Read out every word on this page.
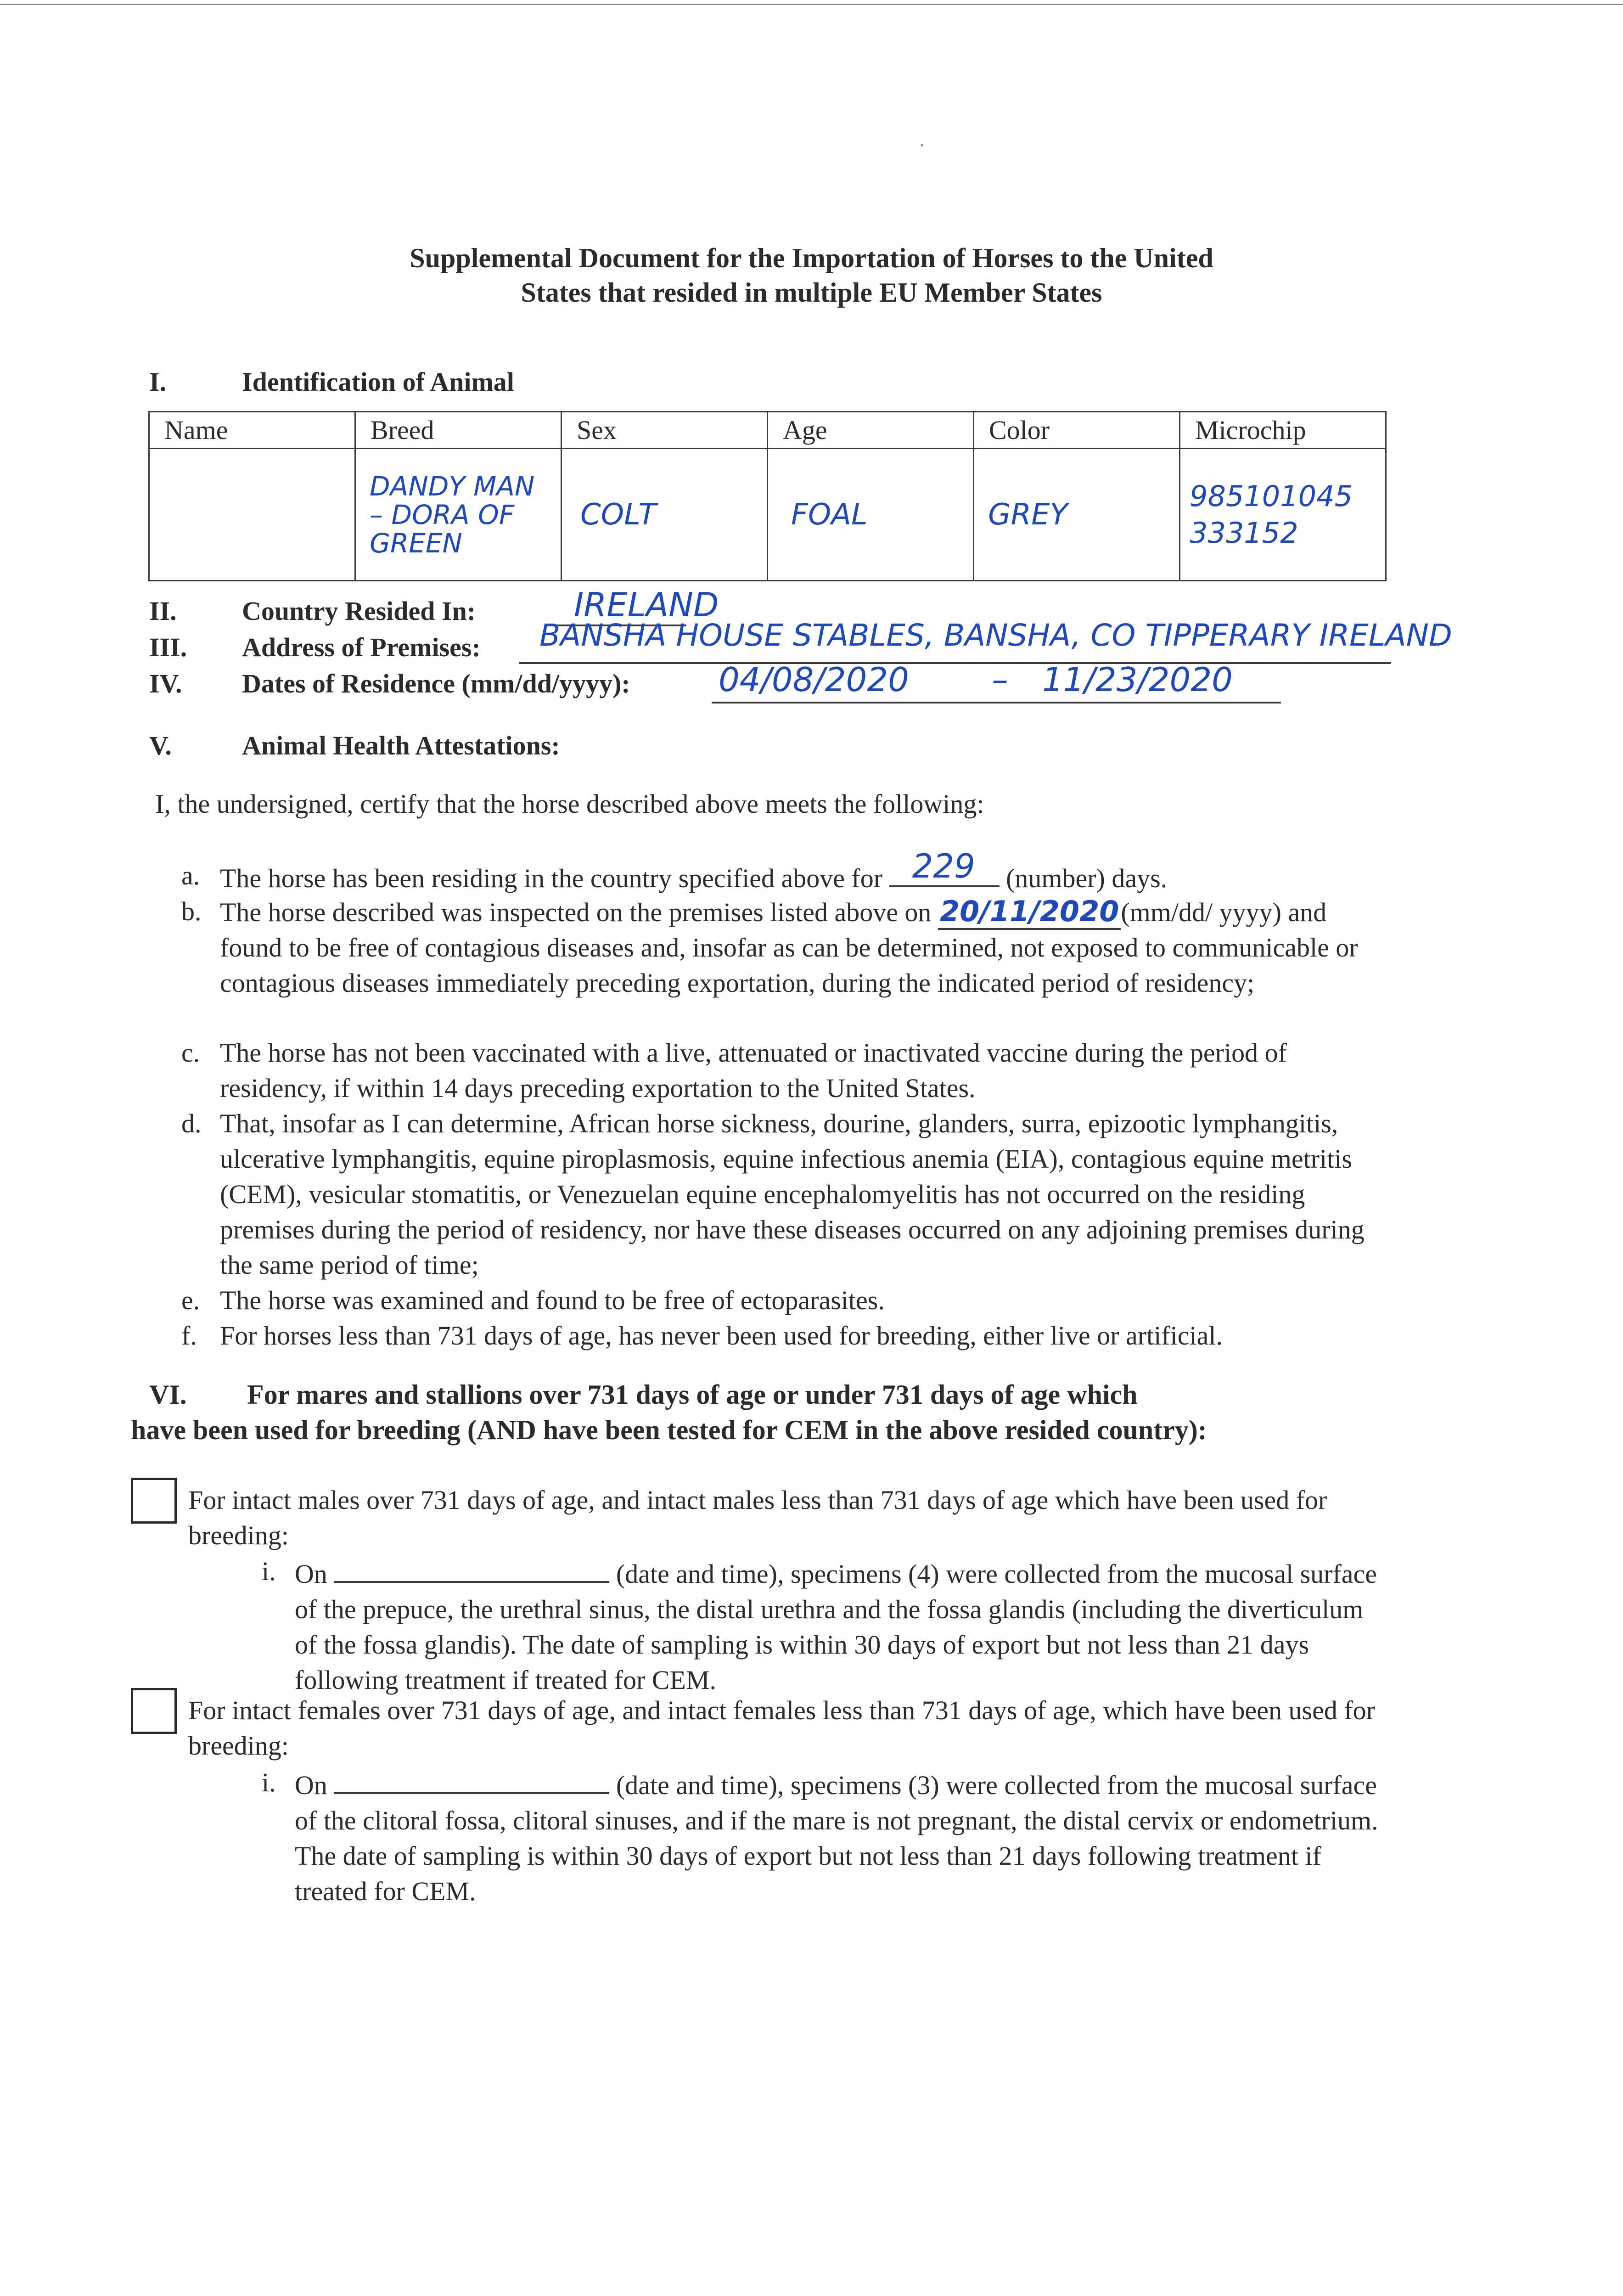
Supplemental Document for the Importation of Horses to the United
States that resided in multiple EU Member States
I.	Identification of Animal
Name	Breed	Sex	Age	Color	Microchip
	DANDY MAN – DORA OF GREEN	COLT	FOAL	GREY	985101045 333152
II. Country Resided In:	IRELAND
III. Address of Premises: BANSHA HOUSE STABLES, BANSHA, CO TIPPERARY IRELAND
IV. Dates of Residence (mm/dd/yyyy):	04/08/2020	– 11/23/2020
V.	Animal Health Attestations:
I, the undersigned, certify that the horse described above meets the following:
a. The horse has been residing in the country specified above for 229 (number) days.
b. The horse described was inspected on the premises listed above on 20/11/2020(mm/dd/ yyyy) and found to be free of contagious diseases and, insofar as can be determined, not exposed to communicable or contagious diseases immediately preceding exportation, during the indicated period of residency;
c. The horse has not been vaccinated with a live, attenuated or inactivated vaccine during the period of residency, if within 14 days preceding exportation to the United States.
d. That, insofar as I can determine, African horse sickness, dourine, glanders, surra, epizootic lymphangitis, ulcerative lymphangitis, equine piroplasmosis, equine infectious anemia (EIA), contagious equine metritis (CEM), vesicular stomatitis, or Venezuelan equine encephalomyelitis has not occurred on the residing premises during the period of residency, nor have these diseases occurred on any adjoining premises during the same period of time;
e. The horse was examined and found to be free of ectoparasites.
f. For horses less than 731 days of age, has never been used for breeding, either live or artificial.
VI. For mares and stallions over 731 days of age or under 731 days of age which
have been used for breeding (AND have been tested for CEM in the above resided country):
For intact males over 731 days of age, and intact males less than 731 days of age which have been used for breeding:
i. On	(date and time), specimens (4) were collected from the mucosal surface of the prepuce, the urethral sinus, the distal urethra and the fossa glandis (including the diverticulum of the fossa glandis). The date of sampling is within 30 days of export but not less than 21 days following treatment if treated for CEM.
For intact females over 731 days of age, and intact females less than 731 days of age, which have been used for breeding:
i. On	(date and time), specimens (3) were collected from the mucosal surface of the clitoral fossa, clitoral sinuses, and if the mare is not pregnant, the distal cervix or endometrium. The date of sampling is within 30 days of export but not less than 21 days following treatment if treated for CEM.
